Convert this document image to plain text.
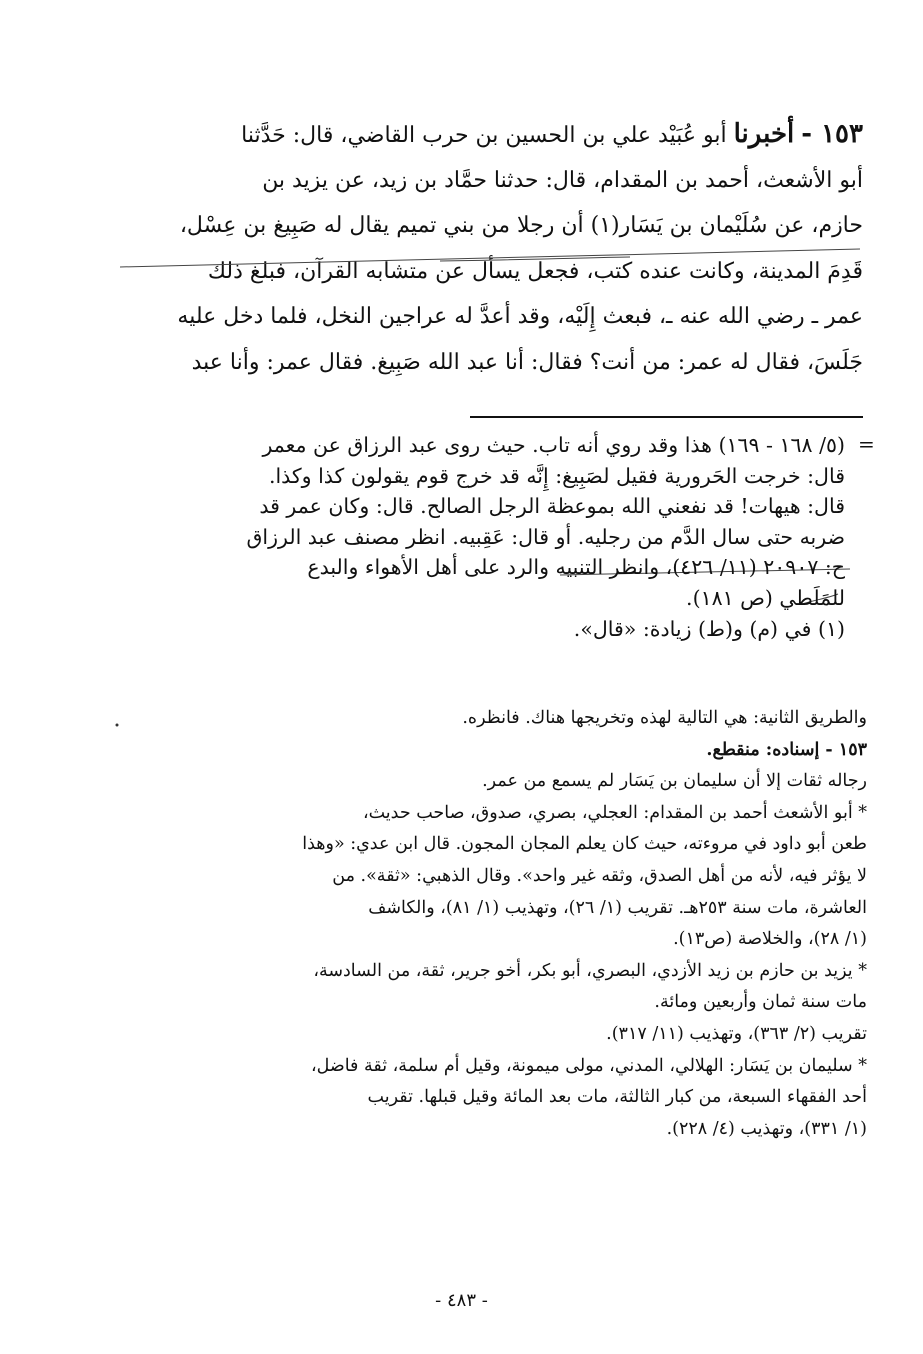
١٥٣ - أخبرنا أبو عُبَيْد علي بن الحسين بن حرب القاضي، قال: حَدَّثنا
أبو الأشعث، أحمد بن المقدام، قال: حدثنا حمَّاد بن زيد، عن يزيد بن
حازم، عن سُلَيْمان بن يَسَار(١) أن رجلا من بني تميم يقال له صَبِيغ بن عِسْل،
قَدِمَ المدينة، وكانت عنده كتب، فجعل يسأل عن متشابه القرآن، فبلغ ذلك
عمر ـ رضي الله عنه ـ، فبعث إِلَيْه، وقد أعدَّ له عراجين النخل، فلما دخل عليه
جَلَسَ، فقال له عمر: من أنت؟ فقال: أنا عبد الله صَبِيغ. فقال عمر: وأنا عبد
=
(٥/ ١٦٨ - ١٦٩) هذا وقد روي أنه تاب. حيث روى عبد الرزاق عن معمر
قال: خرجت الحَرورية فقيل لصَبِيغ: إِنَّه قد خرج قوم يقولون كذا وكذا.
قال: هيهات! قد نفعني الله بموعظة الرجل الصالح. قال: وكان عمر قد
ضربه حتى سال الدَّم من رجليه. أو قال: عَقِبيه. انظر مصنف عبد الرزاق
ح: ٢٠٩٠٧ (١١/ ٤٢٦)، وانظر التنبيه والرد على أهل الأهواء والبدع
للمَلَطي (ص ١٨١).
(١) في (م) و(ط) زيادة: «قال».
والطريق الثانية: هي التالية لهذه وتخريجها هناك. فانظره.
١٥٣ - إسناده: منقطع.
رجاله ثقات إلا أن سليمان بن يَسَار لم يسمع من عمر.
* أبو الأشعث أحمد بن المقدام: العجلي، بصري، صدوق، صاحب حديث،
طعن أبو داود في مروءته، حيث كان يعلم المجان المجون. قال ابن عدي: «وهذا
لا يؤثر فيه، لأنه من أهل الصدق، وثقه غير واحد». وقال الذهبي: «ثقة». من
العاشرة، مات سنة ٢٥٣هـ. تقريب (١/ ٢٦)، وتهذيب (١/ ٨١)، والكاشف
(١/ ٢٨)، والخلاصة (ص١٣).
* يزيد بن حازم بن زيد الأزدي، البصري، أبو بكر، أخو جرير، ثقة، من السادسة،
مات سنة ثمان وأربعين ومائة.
تقريب (٢/ ٣٦٣)، وتهذيب (١١/ ٣١٧).
* سليمان بن يَسَار: الهلالي، المدني، مولى ميمونة، وقيل أم سلمة، ثقة فاضل،
أحد الفقهاء السبعة، من كبار الثالثة، مات بعد المائة وقيل قبلها. تقريب
(١/ ٣٣١)، وتهذيب (٤/ ٢٢٨).
- ٤٨٣ -
